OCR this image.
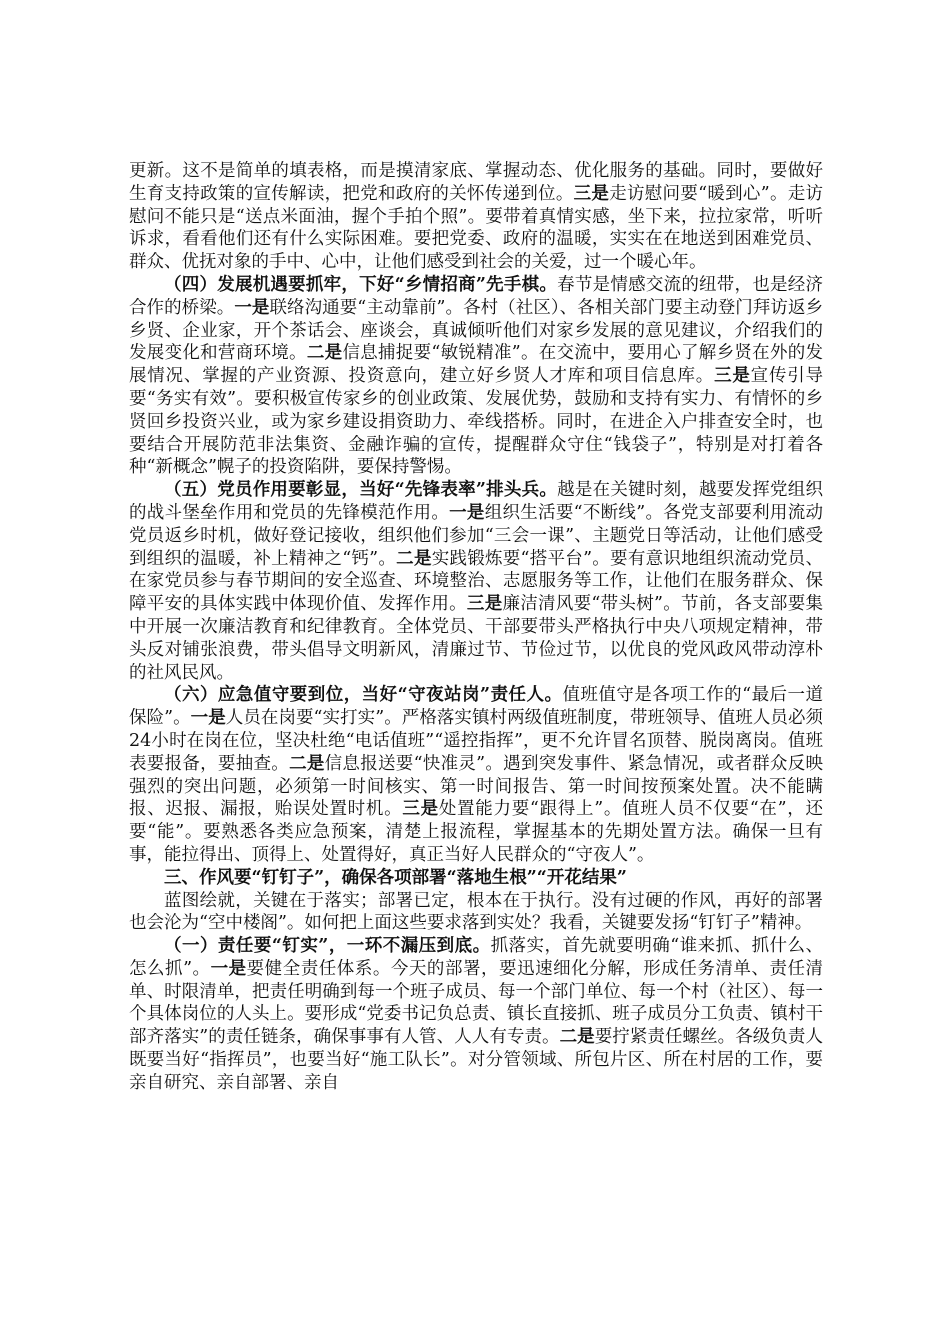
更新。这不是简单的填表格，而是摸清家底、掌握动态、优化服务的基础。同时，要做好生育支持政策的宣传解读，把党和政府的关怀传递到位。三是走访慰问要“暖到心”。走访慰问不能只是“送点米面油，握个手拍个照”。要带着真情实感，坐下来，拉拉家常，听听诉求，看看他们还有什么实际困难。要把党委、政府的温暖，实实在在地送到困难党员、群众、优抚对象的手中、心中，让他们感受到社会的关爱，过一个暖心年。

（四）发展机遇要抓牢，下好“乡情招商”先手棋。春节是情感交流的纽带，也是经济合作的桥梁。一是联络沟通要“主动靠前”。各村（社区）、各相关部门要主动登门拜访返乡乡贤、企业家，开个茶话会、座谈会，真诚倾听他们对家乡发展的意见建议，介绍我们的发展变化和营商环境。二是信息捕捉要“敏锐精准”。在交流中，要用心了解乡贤在外的发展情况、掌握的产业资源、投资意向，建立好乡贤人才库和项目信息库。三是宣传引导要“务实有效”。要积极宣传家乡的创业政策、发展优势，鼓励和支持有实力、有情怀的乡贤回乡投资兴业，或为家乡建设捐资助力、牵线搭桥。同时，在进企入户排查安全时，也要结合开展防范非法集资、金融诈骗的宣传，提醒群众守住“钱袋子”，特别是对打着各种“新概念”幌子的投资陷阱，要保持警惕。

（五）党员作用要彰显，当好“先锋表率”排头兵。越是在关键时刻，越要发挥党组织的战斗堡垒作用和党员的先锋模范作用。一是组织生活要“不断线”。各党支部要利用流动党员返乡时机，做好登记接收，组织他们参加“三会一课”、主题党日等活动，让他们感受到组织的温暖，补上精神之“钙”。二是实践锻炼要“搭平台”。要有意识地组织流动党员、在家党员参与春节期间的安全巡查、环境整治、志愿服务等工作，让他们在服务群众、保障平安的具体实践中体现价值、发挥作用。三是廉洁清风要“带头树”。节前，各支部要集中开展一次廉洁教育和纪律教育。全体党员、干部要带头严格执行中央八项规定精神，带头反对铺张浪费，带头倡导文明新风，清廉过节、节俭过节，以优良的党风政风带动淳朴的社风民风。

（六）应急值守要到位，当好“守夜站岗”责任人。值班值守是各项工作的“最后一道保险”。一是人员在岗要“实打实”。严格落实镇村两级值班制度，带班领导、值班人员必须24小时在岗在位，坚决杜绝“电话值班”“遥控指挥”，更不允许冒名顶替、脱岗离岗。值班表要报备，要抽查。二是信息报送要“快准灵”。遇到突发事件、紧急情况，或者群众反映强烈的突出问题，必须第一时间核实、第一时间报告、第一时间按预案处置。决不能瞒报、迟报、漏报，贻误处置时机。三是处置能力要“跟得上”。值班人员不仅要“在”，还要“能”。要熟悉各类应急预案，清楚上报流程，掌握基本的先期处置方法。确保一旦有事，能拉得出、顶得上、处置得好，真正当好人民群众的“守夜人”。

三、作风要“钉钉子”，确保各项部署“落地生根”“开花结果”

蓝图绘就，关键在于落实；部署已定，根本在于执行。没有过硬的作风，再好的部署也会沦为“空中楼阁”。如何把上面这些要求落到实处？我看，关键要发扬“钉钉子”精神。

（一）责任要“钉实”，一环不漏压到底。抓落实，首先就要明确“谁来抓、抓什么、怎么抓”。一是要健全责任体系。今天的部署，要迅速细化分解，形成任务清单、责任清单、时限清单，把责任明确到每一个班子成员、每一个部门单位、每一个村（社区）、每一个具体岗位的人头上。要形成“党委书记负总责、镇长直接抓、班子成员分工负责、镇村干部齐落实”的责任链条，确保事事有人管、人人有专责。二是要拧紧责任螺丝。各级负责人既要当好“指挥员”，也要当好“施工队长”。对分管领域、所包片区、所在村居的工作，要亲自研究、亲自部署、亲自
